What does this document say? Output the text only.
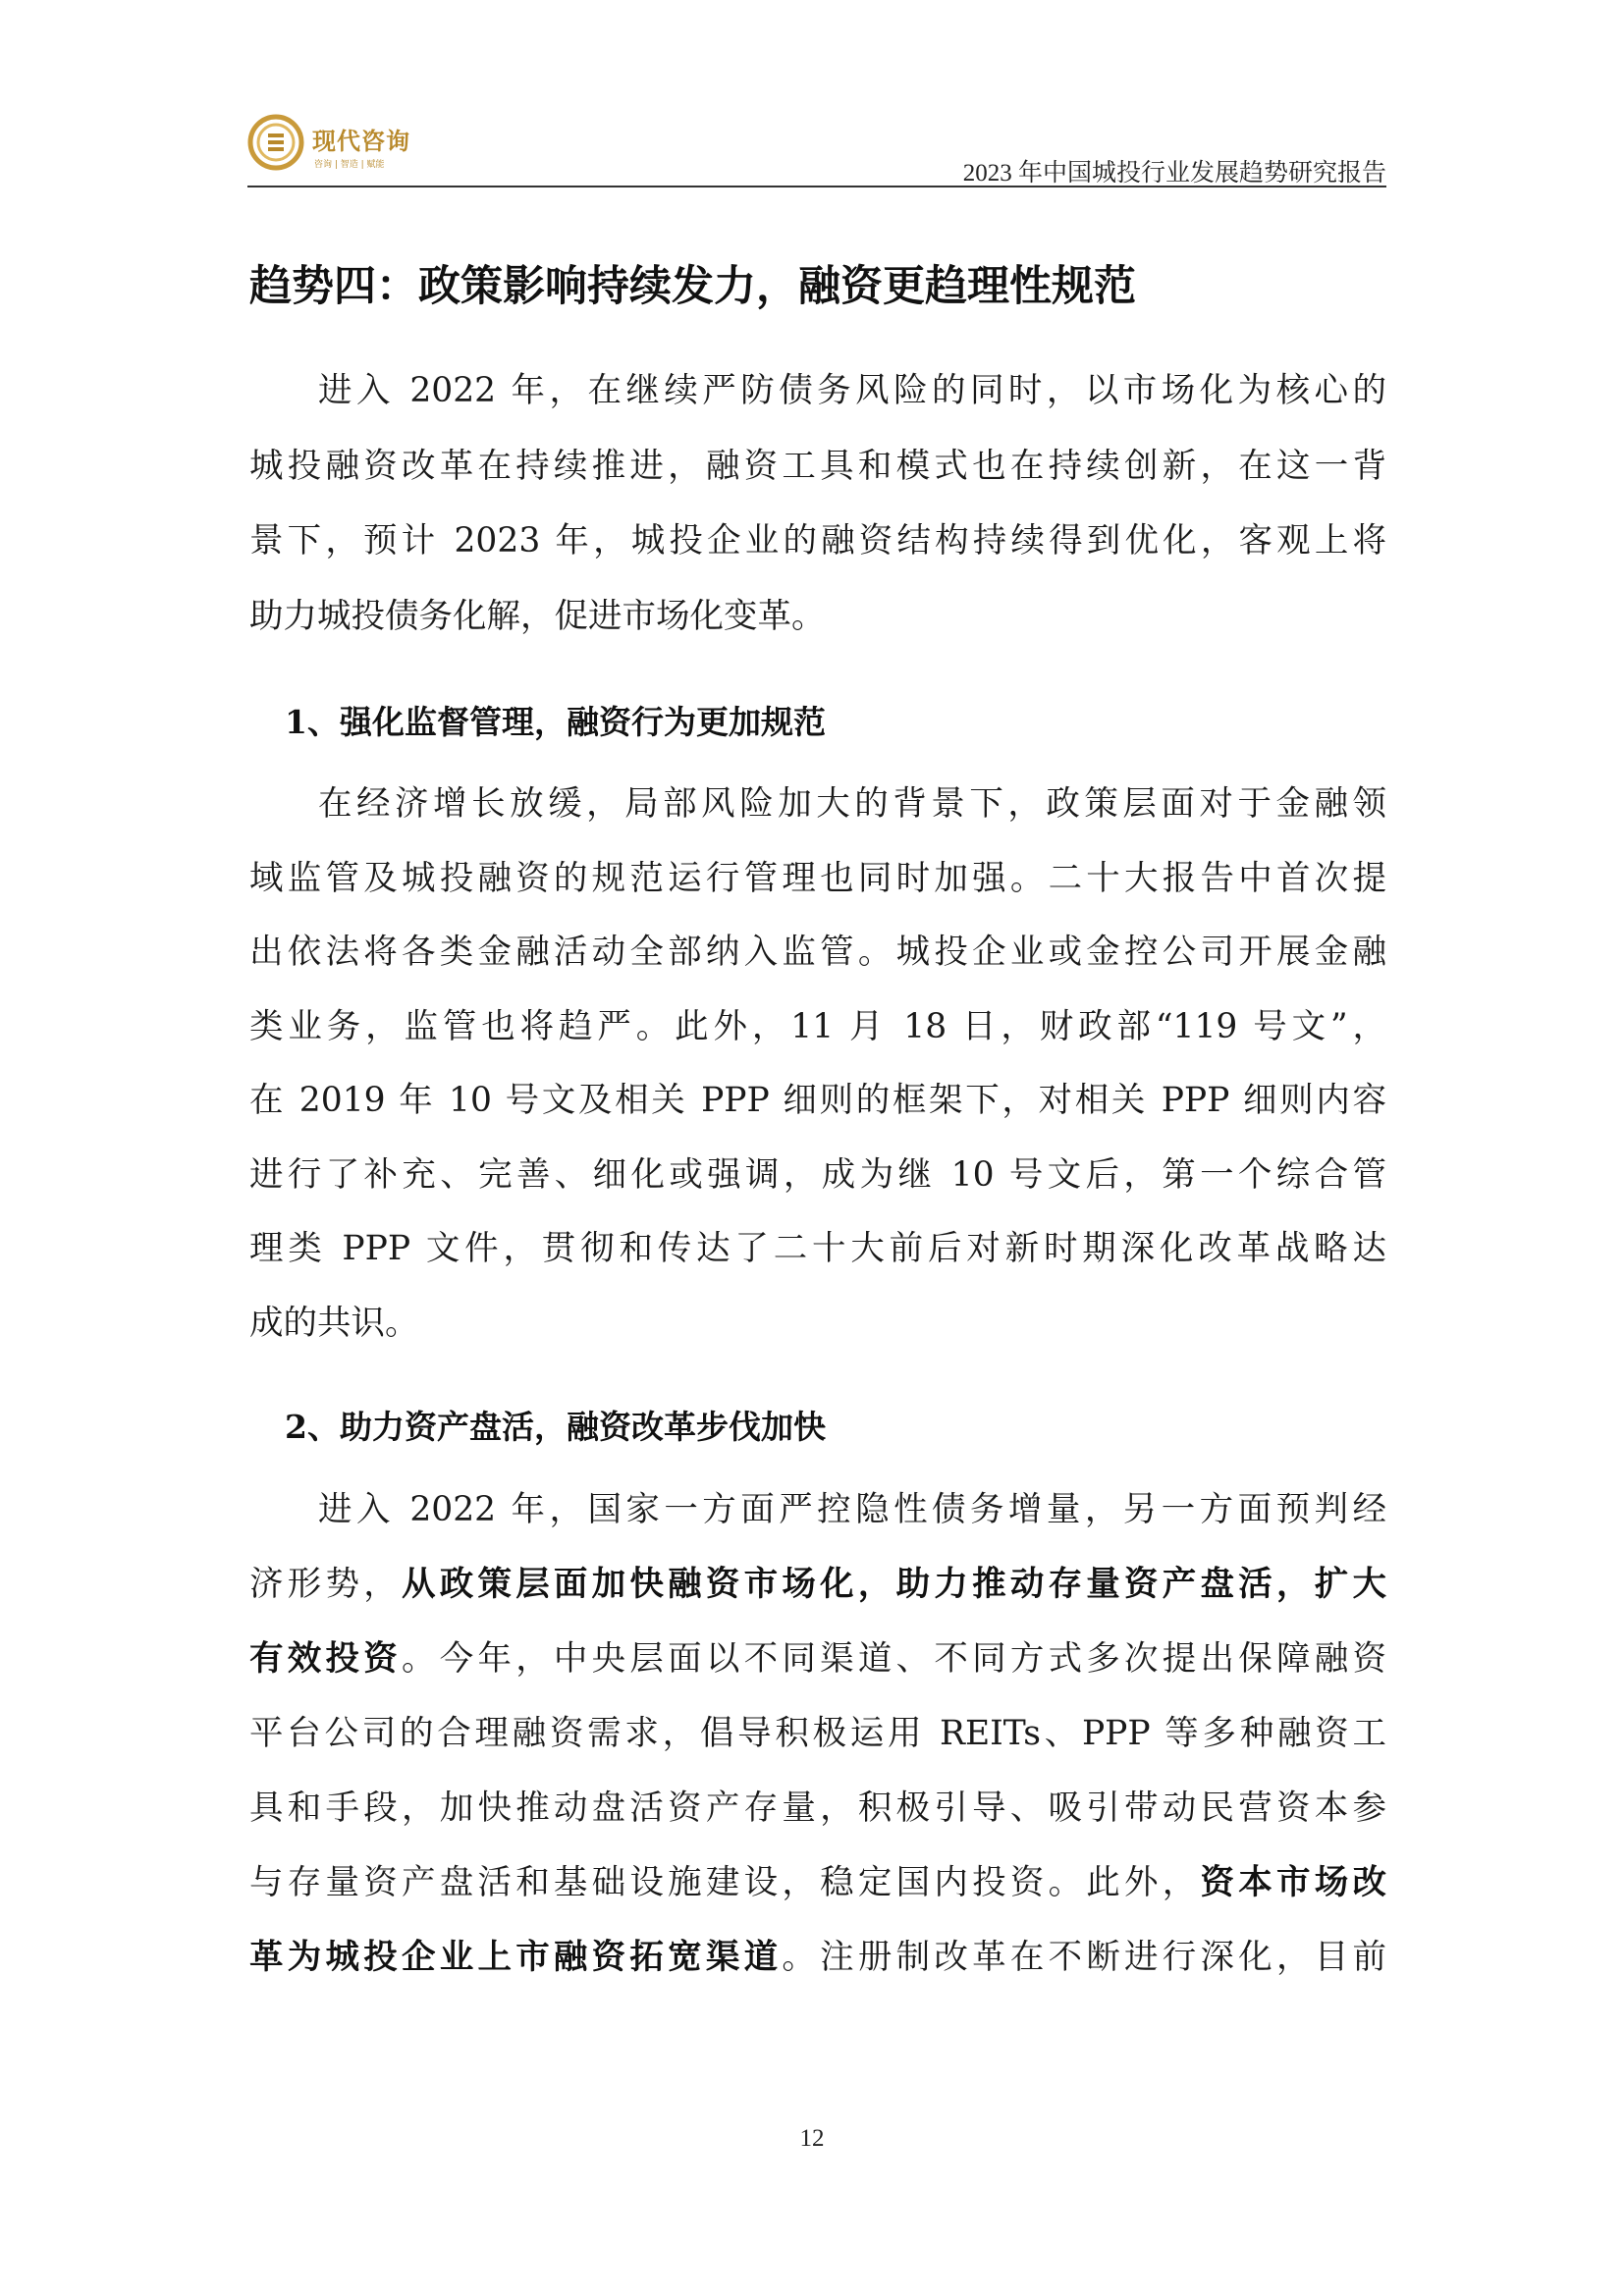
现代咨询
咨询 | 智造 | 赋能	2023 年中国城投行业发展趋势研究报告
趋势四：政策影响持续发力，融资更趋理性规范
进入 2022 年，在继续严防债务风险的同时，以市场化为核心的
城投融资改革在持续推进，融资工具和模式也在持续创新，在这一背
景下，预计 2023 年，城投企业的融资结构持续得到优化，客观上将
助力城投债务化解，促进市场化变革。
1、强化监督管理，融资行为更加规范
在经济增长放缓，局部风险加大的背景下，政策层面对于金融领
域监管及城投融资的规范运行管理也同时加强。二十大报告中首次提
出依法将各类金融活动全部纳入监管。城投企业或金控公司开展金融
类业务，监管也将趋严。此外，11 月 18 日，财政部“119 号文”，
在 2019 年 10 号文及相关 PPP 细则的框架下，对相关 PPP 细则内容
进行了补充、完善、细化或强调，成为继 10 号文后，第一个综合管
理类 PPP 文件，贯彻和传达了二十大前后对新时期深化改革战略达
成的共识。
2、助力资产盘活，融资改革步伐加快
进入 2022 年，国家一方面严控隐性债务增量，另一方面预判经
济形势，从政策层面加快融资市场化，助力推动存量资产盘活，扩大
有效投资。今年，中央层面以不同渠道、不同方式多次提出保障融资
平台公司的合理融资需求，倡导积极运用 REITs、PPP 等多种融资工
具和手段，加快推动盘活资产存量，积极引导、吸引带动民营资本参
与存量资产盘活和基础设施建设，稳定国内投资。此外，资本市场改
革为城投企业上市融资拓宽渠道。注册制改革在不断进行深化，目前
12
